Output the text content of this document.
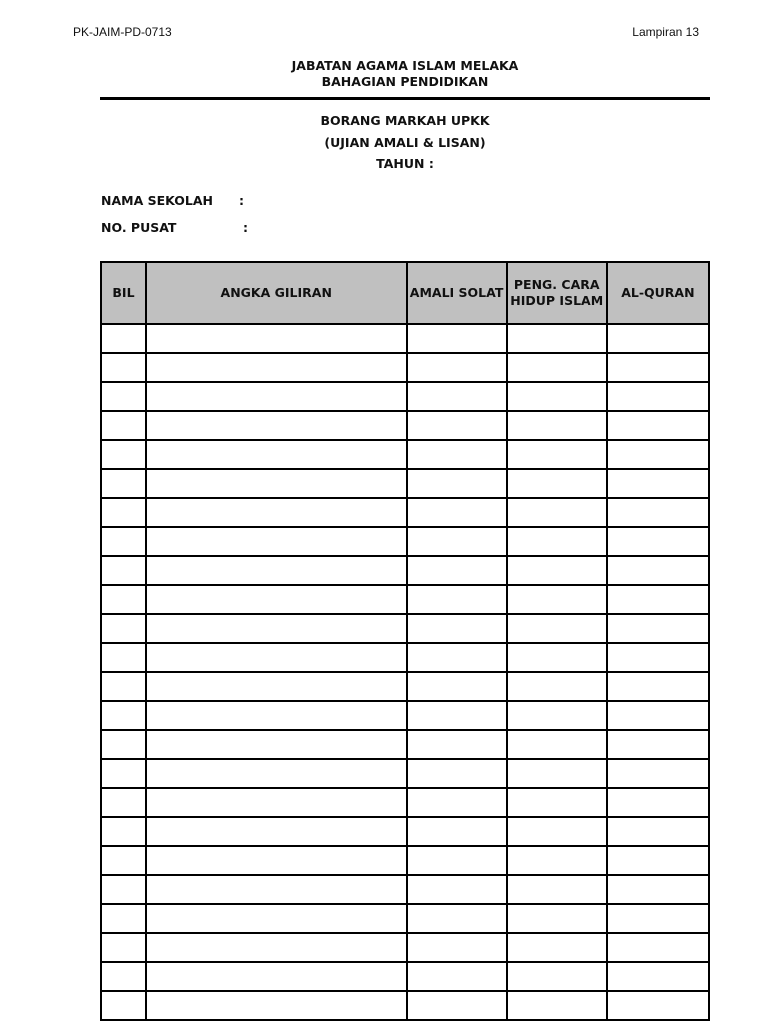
PK-JAIM-PD-0713	Lampiran 13
JABATAN AGAMA ISLAM MELAKA
BAHAGIAN PENDIDIKAN
BORANG MARKAH UPKK
(UJIAN AMALI & LISAN)
TAHUN :
NAMA SEKOLAH :
NO. PUSAT	:
BIL	ANGKA GILIRAN	AMALI SOLAT	PENG. CARA HIDUP ISLAM	AL-QURAN
